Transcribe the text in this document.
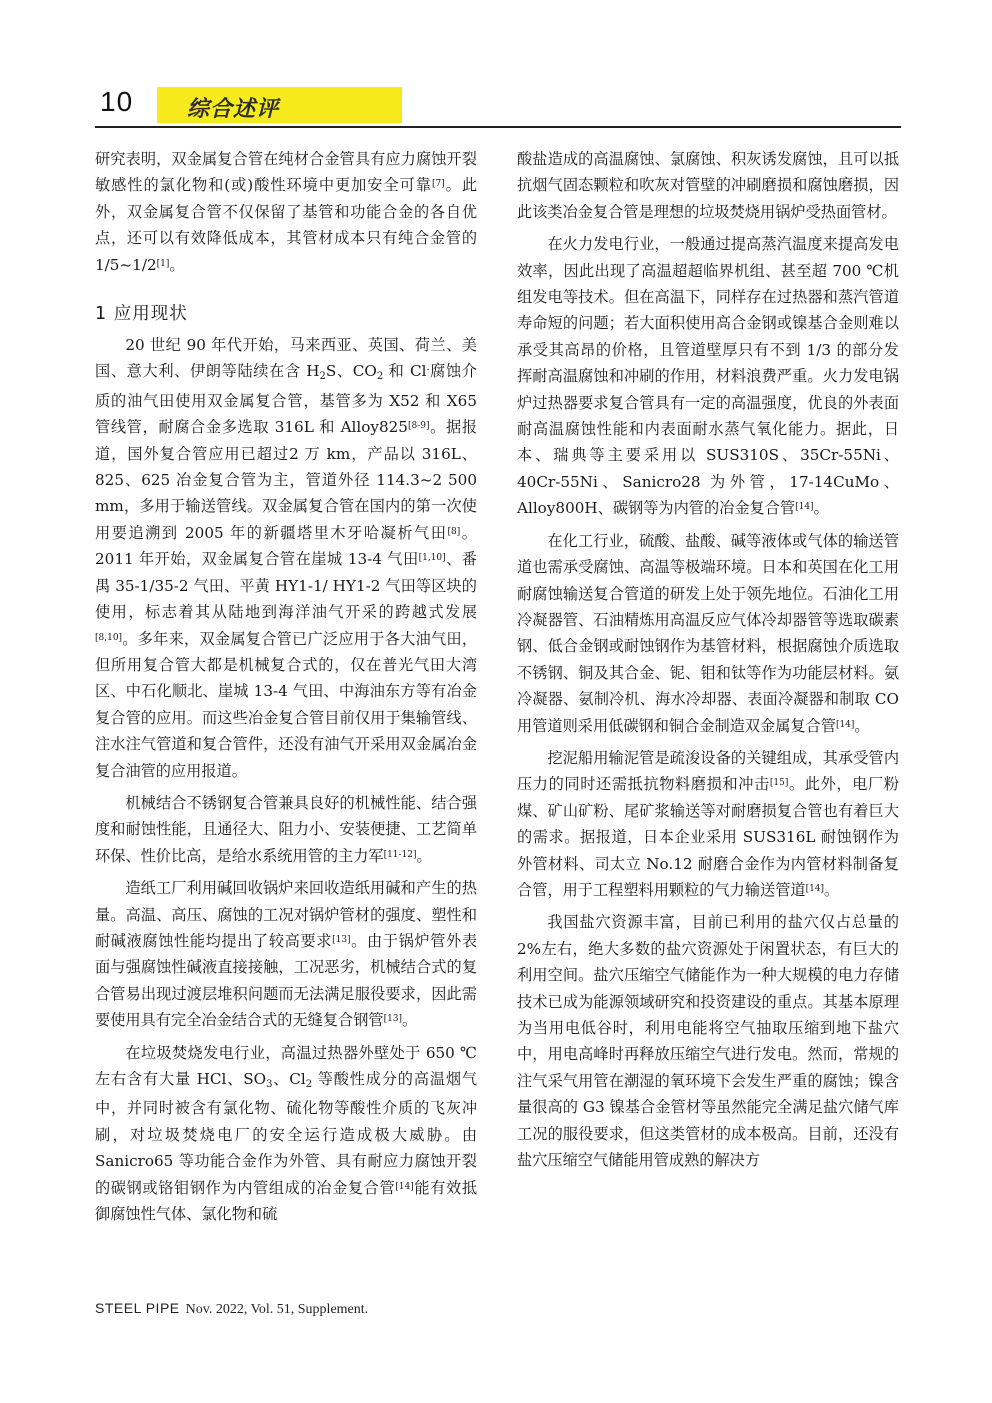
10 综合述评

研究表明，双金属复合管在纯材合金管具有应力腐蚀开裂敏感性的氯化物和(或)酸性环境中更加安全可靠[7]。此外，双金属复合管不仅保留了基管和功能合金的各自优点，还可以有效降低成本，其管材成本只有纯合金管的 1/5~1/2[1]。

1 应用现状

20 世纪 90 年代开始，马来西亚、英国、荷兰、美国、意大利、伊朗等陆续在含 $H_2S$、$CO_2$ 和 Cl-腐蚀介质的油气田使用双金属复合管，基管多为 X52 和 X65 管线管，耐腐合金多选取 316L 和 Alloy825[8-9]。据报道，国外复合管应用已超过2 万 km，产品以 316L、825、625 冶金复合管为主，管道外径 114.3~2 500 mm，多用于输送管线。双金属复合管在国内的第一次使用要追溯到 2005 年的新疆塔里木牙哈凝析气田[8]。2011 年开始，双金属复合管在崖城 13-4 气田[1,10]、番禺 35-1/35-2 气田、平黄 HY1-1/ HY1-2 气田等区块的使用，标志着其从陆地到海洋油气开采的跨越式发展[8,10]。多年来，双金属复合管已广泛应用于各大油气田，但所用复合管大都是机械复合式的，仅在普光气田大湾区、中石化顺北、崖城 13-4 气田、中海油东方等有冶金复合管的应用。而这些冶金复合管目前仅用于集输管线、注水注气管道和复合管件，还没有油气开采用双金属冶金复合油管的应用报道。

机械结合不锈钢复合管兼具良好的机械性能、结合强度和耐蚀性能，且通径大、阻力小、安装便捷、工艺简单环保、性价比高，是给水系统用管的主力军[11-12]。

造纸工厂利用碱回收锅炉来回收造纸用碱和产生的热量。高温、高压、腐蚀的工况对锅炉管材的强度、塑性和耐碱液腐蚀性能均提出了较高要求[13]。由于锅炉管外表面与强腐蚀性碱液直接接触，工况恶劣，机械结合式的复合管易出现过渡层堆积问题而无法满足服役要求，因此需要使用具有完全冶金结合式的无缝复合钢管[13]。

在垃圾焚烧发电行业，高温过热器外壁处于 650 ℃左右含有大量 HCl、$SO_3$、$Cl_2$ 等酸性成分的高温烟气中，并同时被含有氯化物、硫化物等酸性介质的飞灰冲刷，对垃圾焚烧电厂的安全运行造成极大威胁。由 Sanicro65 等功能合金作为外管、具有耐应力腐蚀开裂的碳钢或铬钼钢作为内管组成的冶金复合管[14]能有效抵御腐蚀性气体、氯化物和硫

酸盐造成的高温腐蚀、氯腐蚀、积灰诱发腐蚀，且可以抵抗烟气固态颗粒和吹灰对管壁的冲刷磨损和腐蚀磨损，因此该类冶金复合管是理想的垃圾焚烧用锅炉受热面管材。

在火力发电行业，一般通过提高蒸汽温度来提高发电效率，因此出现了高温超超临界机组、甚至超 700 ℃机组发电等技术。但在高温下，同样存在过热器和蒸汽管道寿命短的问题；若大面积使用高合金钢或镍基合金则难以承受其高昂的价格，且管道壁厚只有不到 1/3 的部分发挥耐高温腐蚀和冲刷的作用，材料浪费严重。火力发电锅炉过热器要求复合管具有一定的高温强度，优良的外表面耐高温腐蚀性能和内表面耐水蒸气氧化能力。据此，日本、瑞典等主要采用以 SUS310S、35Cr-55Ni、40Cr-55Ni、Sanicro28 为外管，17-14CuMo、Alloy800H、碳钢等为内管的冶金复合管[14]。

在化工行业，硫酸、盐酸、碱等液体或气体的输送管道也需承受腐蚀、高温等极端环境。日本和英国在化工用耐腐蚀输送复合管道的研发上处于领先地位。石油化工用冷凝器管、石油精炼用高温反应气体冷却器管等选取碳素钢、低合金钢或耐蚀钢作为基管材料，根据腐蚀介质选取不锈钢、铜及其合金、铌、钼和钛等作为功能层材料。氨冷凝器、氨制冷机、海水冷却器、表面冷凝器和制取 CO 用管道则采用低碳钢和铜合金制造双金属复合管[14]。

挖泥船用输泥管是疏浚设备的关键组成，其承受管内压力的同时还需抵抗物料磨损和冲击[15]。此外，电厂粉煤、矿山矿粉、尾矿浆输送等对耐磨损复合管也有着巨大的需求。据报道，日本企业采用 SUS316L 耐蚀钢作为外管材料、司太立 No.12 耐磨合金作为内管材料制备复合管，用于工程塑料用颗粒的气力输送管道[14]。

我国盐穴资源丰富，目前已利用的盐穴仅占总量的 2%左右，绝大多数的盐穴资源处于闲置状态，有巨大的利用空间。盐穴压缩空气储能作为一种大规模的电力存储技术已成为能源领域研究和投资建设的重点。其基本原理为当用电低谷时，利用电能将空气抽取压缩到地下盐穴中，用电高峰时再释放压缩空气进行发电。然而，常规的注气采气用管在潮湿的氧环境下会发生严重的腐蚀；镍含量很高的 G3 镍基合金管材等虽然能完全满足盐穴储气库工况的服役要求，但这类管材的成本极高。目前，还没有盐穴压缩空气储能用管成熟的解决方

STEEL PIPE Nov. 2022, Vol. 51, Supplement.
